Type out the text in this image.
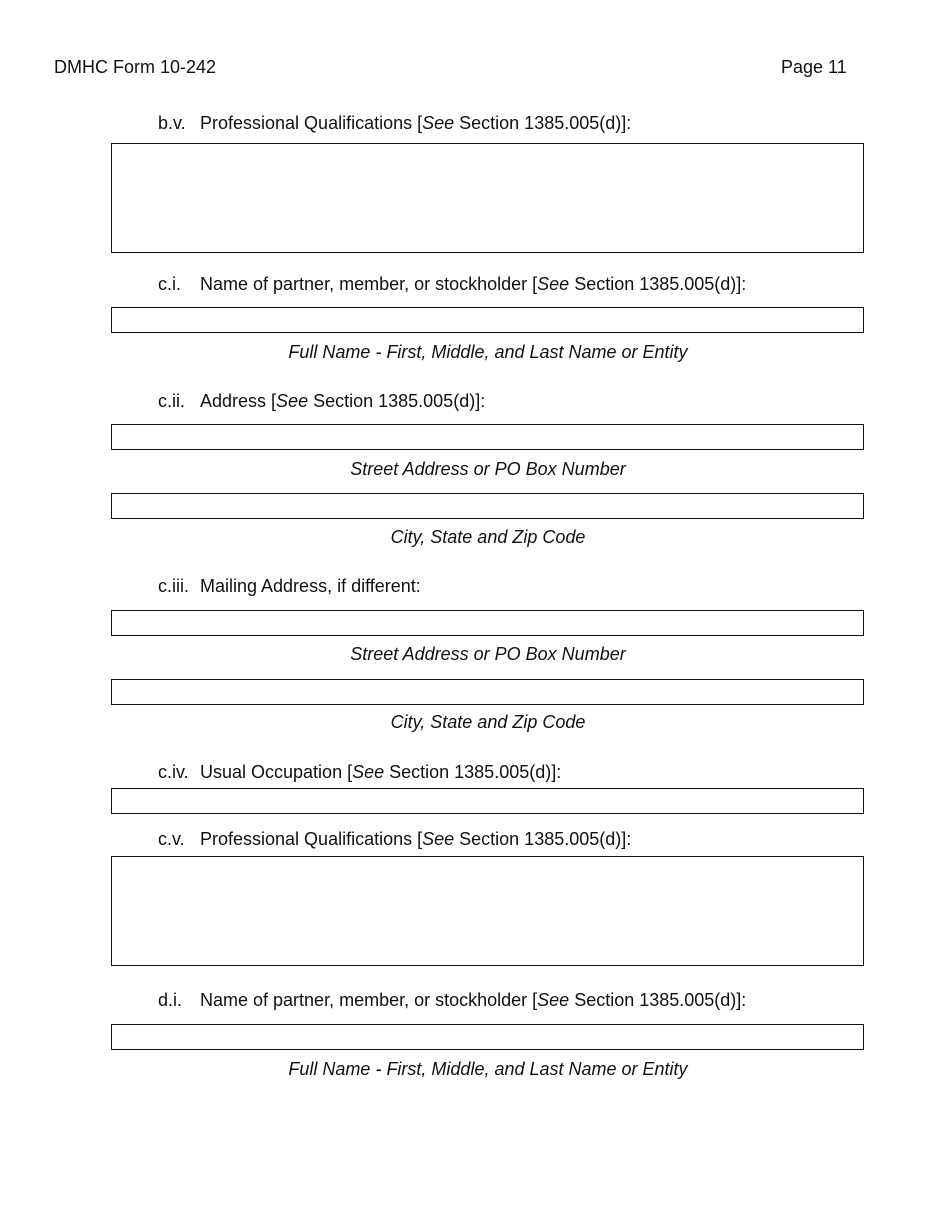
DMHC Form 10-242	Page 11
b.v. Professional Qualifications [See Section 1385.005(d)]:
c.i. Name of partner, member, or stockholder [See Section 1385.005(d)]:
Full Name - First, Middle, and Last Name or Entity
c.ii. Address [See Section 1385.005(d)]:
Street Address or PO Box Number
City, State and Zip Code
c.iii. Mailing Address, if different:
Street Address or PO Box Number
City, State and Zip Code
c.iv. Usual Occupation [See Section 1385.005(d)]:
c.v. Professional Qualifications [See Section 1385.005(d)]:
d.i. Name of partner, member, or stockholder [See Section 1385.005(d)]:
Full Name - First, Middle, and Last Name or Entity
